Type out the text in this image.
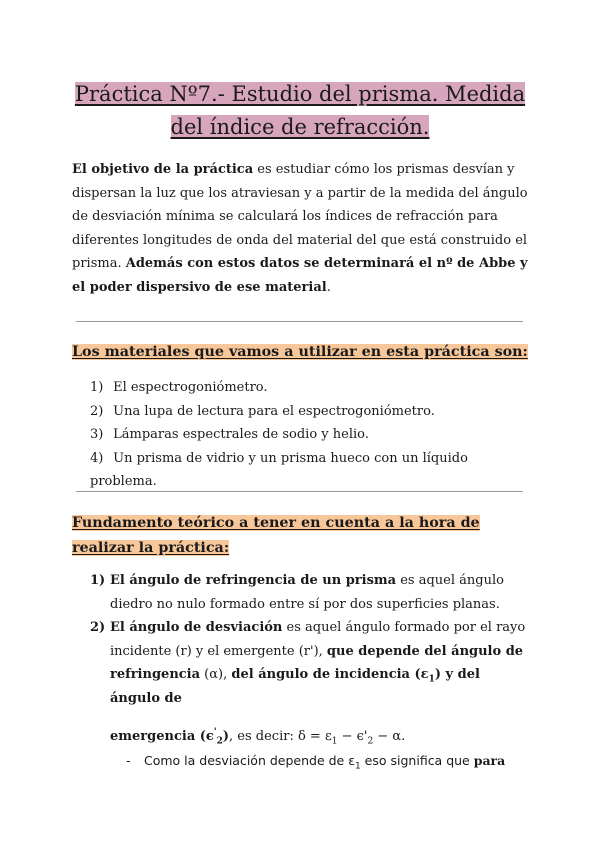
Práctica Nº7.- Estudio del prisma. Medida
del índice de refracción.
El objetivo de la práctica es estudiar cómo los prismas desvían y dispersan la luz que los atraviesan y a partir de la medida del ángulo de desviación mínima se calculará los índices de refracción para diferentes longitudes de onda del material del que está construido el prisma. Además con estos datos se determinará el nº de Abbe y el poder dispersivo de ese material.
Los materiales que vamos a utilizar en esta práctica son:
1) El espectrogoniómetro.
2) Una lupa de lectura para el espectrogoniómetro.
3) Lámparas espectrales de sodio y helio.
4) Un prisma de vidrio y un prisma hueco con un líquido problema.
Fundamento teórico a tener en cuenta a la hora de realizar la práctica:
1) El ángulo de refringencia de un prisma es aquel ángulo diedro no nulo formado entre sí por dos superficies planas.
2) El ángulo de desviación es aquel ángulo formado por el rayo incidente (r) y el emergente (r'), que depende del ángulo de refringencia (α), del ángulo de incidencia $(\varepsilon_1)$ y del ángulo de
emergencia $(\epsilon'_2)$, es decir: $\delta = \varepsilon_1 - \epsilon'_2 - \alpha$.
- Como la desviación depende de $\varepsilon_1$ eso significa que para
